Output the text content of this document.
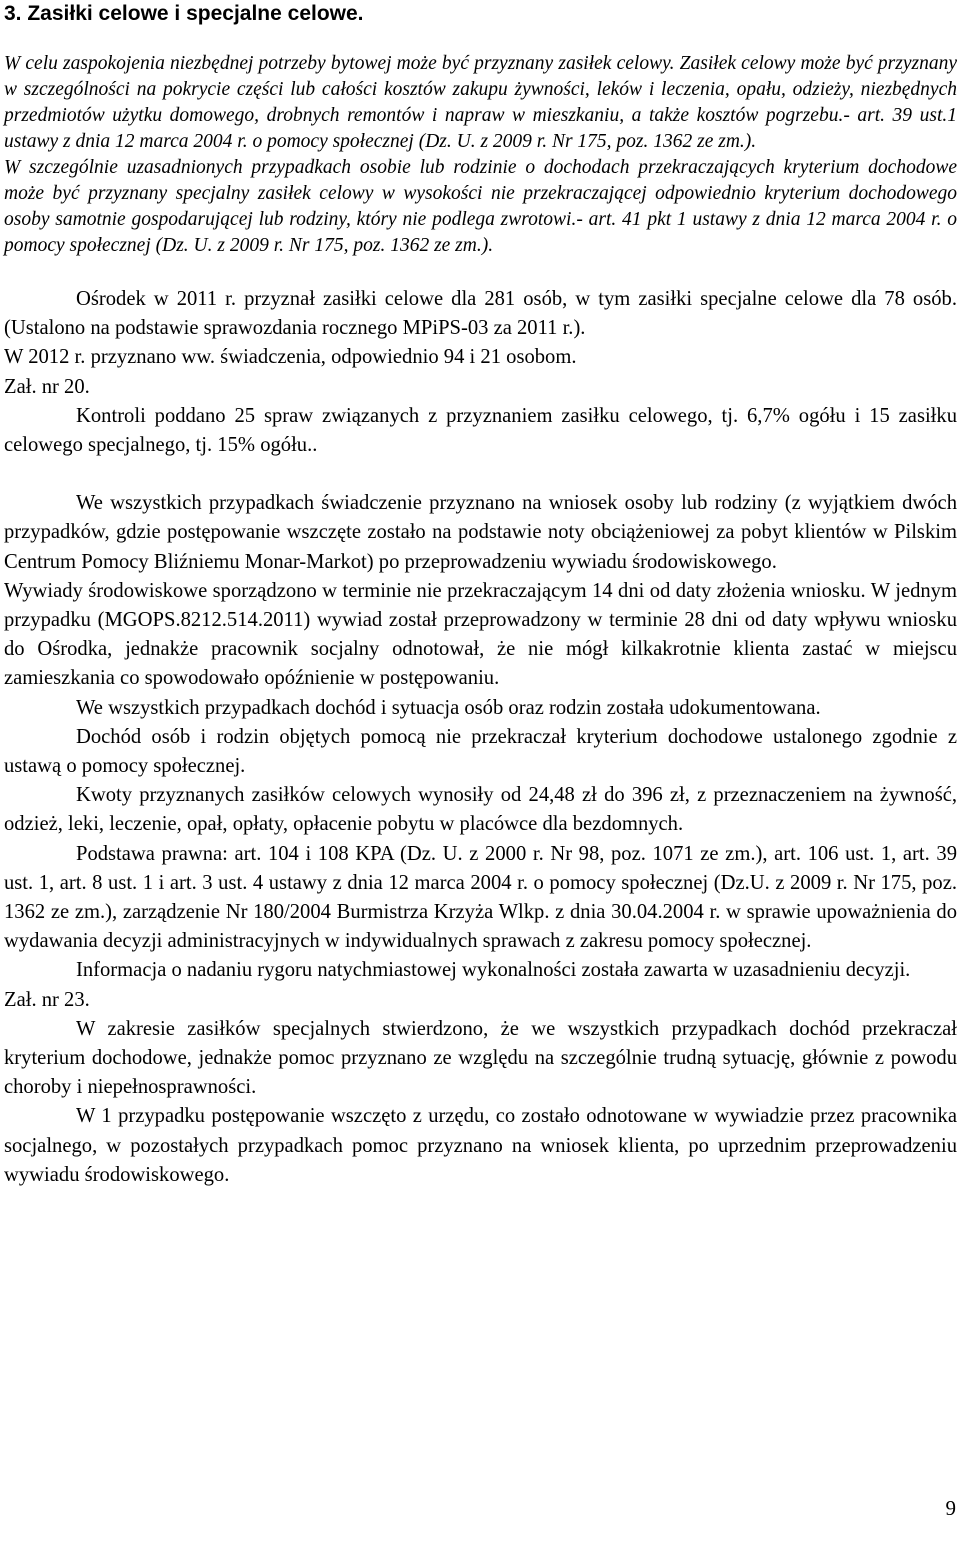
3. Zasiłki celowe i specjalne celowe.

W celu zaspokojenia niezbędnej potrzeby bytowej może być przyznany zasiłek celowy. Zasiłek celowy może być przyznany w szczególności na pokrycie części lub całości kosztów zakupu żywności, leków i leczenia, opału, odzieży, niezbędnych przedmiotów użytku domowego, drobnych remontów i napraw w mieszkaniu, a także kosztów pogrzebu.- art. 39 ust.1 ustawy z dnia 12 marca 2004 r. o pomocy społecznej (Dz. U. z 2009 r. Nr 175, poz. 1362 ze zm.).

W szczególnie uzasadnionych przypadkach osobie lub rodzinie o dochodach przekraczających kryterium dochodowe może być przyznany specjalny zasiłek celowy w wysokości nie przekraczającej odpowiednio kryterium dochodowego osoby samotnie gospodarującej lub rodziny, który nie podlega zwrotowi.- art. 41 pkt 1 ustawy z dnia 12 marca 2004 r. o pomocy społecznej (Dz. U. z 2009 r. Nr 175, poz. 1362 ze zm.).

Ośrodek w 2011 r. przyznał zasiłki celowe dla 281 osób, w tym zasiłki specjalne celowe dla 78 osób. (Ustalono na podstawie sprawozdania rocznego MPiPS-03 za 2011 r.).

W 2012 r. przyznano ww. świadczenia, odpowiednio 94 i 21 osobom.

Zał. nr 20.

Kontroli poddano 25 spraw związanych z przyznaniem zasiłku celowego, tj. 6,7% ogółu i 15 zasiłku celowego specjalnego, tj. 15% ogółu..

We wszystkich przypadkach świadczenie przyznano na wniosek osoby lub rodziny (z wyjątkiem dwóch przypadków, gdzie postępowanie wszczęte zostało na podstawie noty obciążeniowej za pobyt klientów w Pilskim Centrum Pomocy Bliźniemu Monar-Markot) po przeprowadzeniu wywiadu środowiskowego.

Wywiady środowiskowe sporządzono w terminie nie przekraczającym 14 dni od daty złożenia wniosku. W jednym przypadku (MGOPS.8212.514.2011) wywiad został przeprowadzony w terminie 28 dni od daty wpływu wniosku do Ośrodka, jednakże pracownik socjalny odnotował, że nie mógł kilkakrotnie klienta zastać w miejscu zamieszkania co spowodowało opóźnienie w postępowaniu.

We wszystkich przypadkach dochód i sytuacja osób oraz rodzin została udokumentowana.

Dochód osób i rodzin objętych pomocą nie przekraczał kryterium dochodowe ustalonego zgodnie z ustawą o pomocy społecznej.

Kwoty przyznanych zasiłków celowych wynosiły od 24,48 zł do 396 zł, z przeznaczeniem na żywność, odzież, leki, leczenie, opał, opłaty, opłacenie pobytu w placówce dla bezdomnych.

Podstawa prawna: art. 104 i 108 KPA (Dz. U. z 2000 r. Nr 98, poz. 1071 ze zm.), art. 106 ust. 1, art. 39 ust. 1, art. 8 ust. 1 i art. 3 ust. 4 ustawy z dnia 12 marca 2004 r. o pomocy społecznej (Dz.U. z 2009 r. Nr 175, poz. 1362 ze zm.), zarządzenie Nr 180/2004 Burmistrza Krzyża Wlkp. z dnia 30.04.2004 r. w sprawie upoważnienia do wydawania decyzji administracyjnych w indywidualnych sprawach z zakresu pomocy społecznej.

Informacja o nadaniu rygoru natychmiastowej wykonalności została zawarta w uzasadnieniu decyzji.

Zał. nr 23.

W zakresie zasiłków specjalnych stwierdzono, że we wszystkich przypadkach dochód przekraczał kryterium dochodowe, jednakże pomoc przyznano ze względu na szczególnie trudną sytuację, głównie z powodu choroby i niepełnosprawności.

W 1 przypadku postępowanie wszczęto z urzędu, co zostało odnotowane w wywiadzie przez pracownika socjalnego, w pozostałych przypadkach pomoc przyznano na wniosek klienta, po uprzednim przeprowadzeniu wywiadu środowiskowego.

9
